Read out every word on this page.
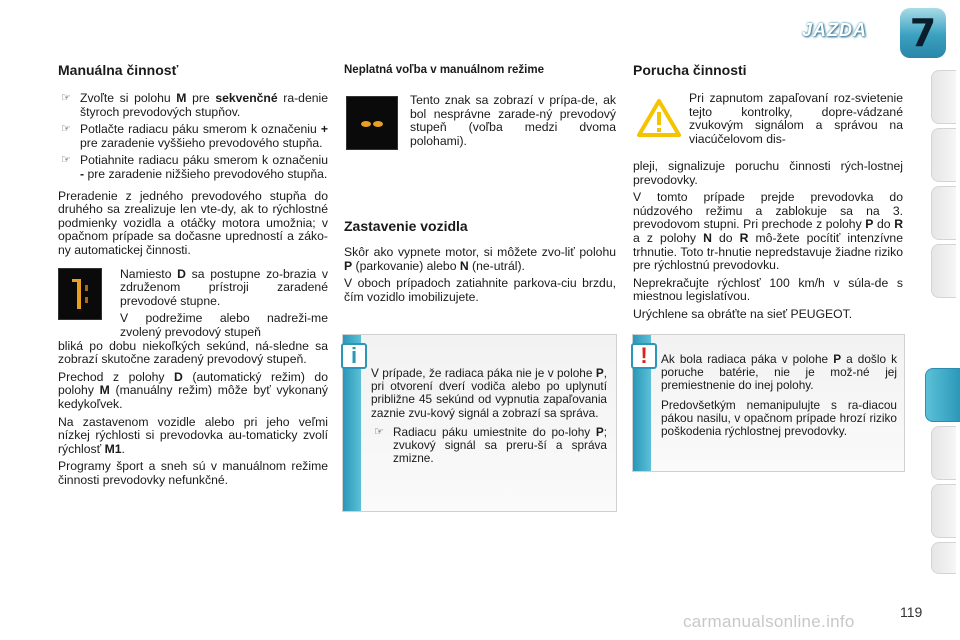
JAZDA 7
Manuálna činnosť
☞ Zvoľte si polohu M pre sekvenčné ra-denie štyroch prevodových stupňov.
☞ Potlačte radiacu páku smerom k označeniu + pre zaradenie vyššieho prevodového stupňa.
☞ Potiahnite radiacu páku smerom k označeniu - pre zaradenie nižšieho prevodového stupňa.

Preradenie z jedného prevodového stupňa do druhého sa zrealizuje len vte-dy, ak to rýchlostné podmienky vozidla a otáčky motora umožnia; v opačnom prípade sa dočasne upredností a záko-ny automatickej činnosti.

Namiesto D sa postupne zo-brazia v združenom prístroji zaradené prevodové stupne.

V podrežime alebo nadreži-me zvolený prevodový stupeň

bliká po dobu niekoľkých sekúnd, ná-sledne sa zobrazí skutočne zaradený prevodový stupeň.

Prechod z polohy D (automatický režim) do polohy M (manuálny režim) môže byť vykonaný kedykoľvek.

Na zastavenom vozidle alebo pri jeho veľmi nízkej rýchlosti si prevodovka au-tomaticky zvolí rýchlosť M1.

Programy šport a sneh sú v manuálnom režime činnosti prevodovky nefunkčné.

Neplatná voľba v manuálnom režime

Tento znak sa zobrazí v prípa-de, ak bol nesprávne zarade-ný prevodový stupeň (voľba medzi dvoma polohami).

Zastavenie vozidla

Skôr ako vypnete motor, si môžete zvo-liť polohu P (parkovanie) alebo N (ne-utrál).

V oboch prípadoch zatiahnite parkova-ciu brzdu, čím vozidlo imobilizujete.

i

V prípade, že radiaca páka nie je v polohe P, pri otvorení dverí vodiča alebo po uplynutí približne 45 sekúnd od vypnutia zapaľovania zaznie zvu-kový signál a zobrazí sa správa.

☞ Radiacu páku umiestnite do po-lohy P; zvukový signál sa preru-ší a správa zmizne.
Porucha činnosti

Pri zapnutom zapaľovaní roz-svietenie tejto kontrolky, dopre-vádzané zvukovým signálom a správou na viacúčelovom dis-

pleji, signalizuje poruchu činnosti rých-lostnej prevodovky.

V tomto prípade prejde prevodovka do núdzového režimu a zablokuje sa na 3. prevodovom stupni. Pri prechode z polohy P do R a z polohy N do R mô-žete pocítiť intenzívne trhnutie. Toto tr-hnutie nepredstavuje žiadne riziko pre rýchlostnú prevodovku.

Neprekračujte rýchlosť 100 km/h v súla-de s miestnou legislatívou.

Urýchlene sa obráťte na sieť PEUGEOT.

!	Ak bola radiaca páka v polohe P a došlo k poruche batérie, nie je mož-né jej premiestnenie do inej polohy.

Predovšetkým nemanipulujte s ra-diacou pákou nasilu, v opačnom prípade hrozí riziko poškodenia rýchlostnej prevodovky.

119
carmanualsonline.info
